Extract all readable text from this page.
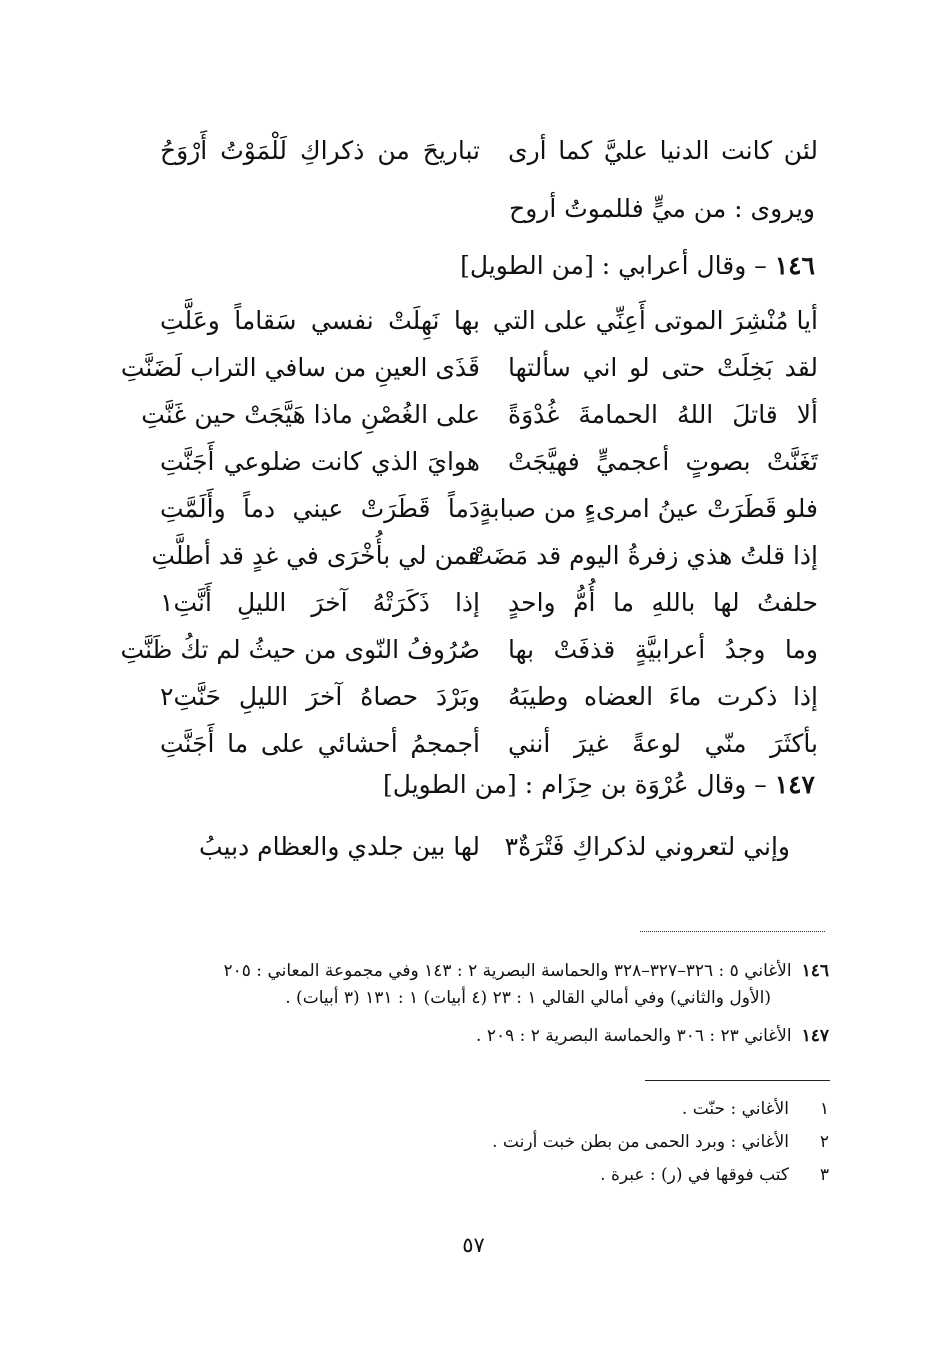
لئن كانت الدنيا عليَّ كما أرى
تباريحَ من ذكراكِ لَلْمَوْتُ أَرْوَحُ
ويروى : من ميٍّ فللموتُ أروح
١٤٦ – وقال أعرابي : [من الطويل]
أيا مُنْشِرَ الموتى أَعِنِّي على التي
بها نَهِلَتْ نفسي سَقاماً وعَلَّتِ
لقد بَخِلَتْ حتى لو اني سألتها
قَذَى العينِ من سافي التراب لَضَنَّتِ
ألا قاتلَ اللهُ الحمامةَ غُدْوَةً
على الغُصْنِ ماذا هَيَّجَتْ حين غَنَّتِ
تَغَنَّتْ بصوتٍ أعجميٍّ فهيَّجَتْ
هوايَ الذي كانت ضلوعي أَجَنَّتِ
فلو قَطَرَتْ عينُ امرىءٍ من صبابةٍ
دَماً قَطَرَتْ عيني دماً وأَلَمَّتِ
إذا قلتُ هذي زفرةُ اليوم قد مَضَتْ
فمن لي بأُخْرَى في غدٍ قد أطلَّتِ
حلفتُ لها باللهِ ما أُمُّ واحدٍ
إذا ذَكَرَتْهُ آخرَ الليلِ أَنَّتِ١
وما وجدُ أعرابيَّةٍ قذفَتْ بها
صُرُوفُ النّوى من حيثُ لم تكُ ظَنَّتِ
إذا ذكرت ماءَ العضاه وطيبَهُ
وبَرْدَ حصاهُ آخرَ الليلِ حَنَّتِ٢
بأكثَرَ منّي لوعةً غيرَ أنني
أجمجمُ أحشائي على ما أَجَنَّتِ
١٤٧ – وقال عُرْوَة بن حِزَام : [من الطويل]
وإني لتعروني لذكراكِ فَتْرَةٌ٣
لها بين جلدي والعظام دبيبُ
١٤٦الأغاني ٥ : ٣٢٦–٣٢٧–٣٢٨ والحماسة البصرية ٢ : ١٤٣ وفي مجموعة المعاني : ٢٠٥
(الأول والثاني) وفي أمالي القالي ١ : ٢٣ (٤ أبيات) ١ : ١٣١ (٣ أبيات) .
١٤٧الأغاني ٢٣ : ٣٠٦ والحماسة البصرية ٢ : ٢٠٩ .
١الأغاني : حنّت .
٢الأغاني : وبرد الحمى من بطن خبت أرنت .
٣كتب فوقها في (ر) : عبرة .
٥٧
